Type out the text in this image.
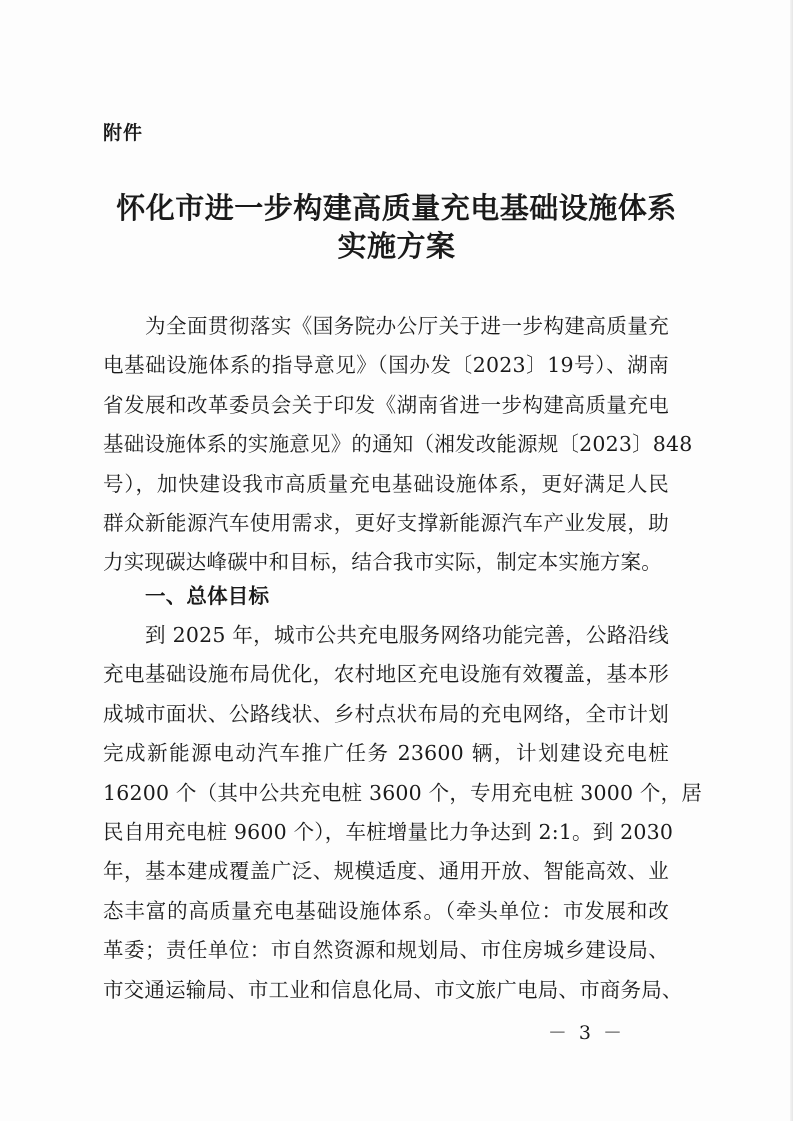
附件
怀化市进一步构建高质量充电基础设施体系
实施方案
为全面贯彻落实《国务院办公厅关于进一步构建高质量充
电基础设施体系的指导意见》（国办发〔2023〕19号）、湖南
省发展和改革委员会关于印发《湖南省进一步构建高质量充电
基础设施体系的实施意见》的通知（湘发改能源规〔2023〕848
号），加快建设我市高质量充电基础设施体系，更好满足人民
群众新能源汽车使用需求，更好支撑新能源汽车产业发展，助
力实现碳达峰碳中和目标，结合我市实际，制定本实施方案。
一、总体目标
到 2025 年，城市公共充电服务网络功能完善，公路沿线
充电基础设施布局优化，农村地区充电设施有效覆盖，基本形
成城市面状、公路线状、乡村点状布局的充电网络，全市计划
完成新能源电动汽车推广任务 23600 辆，计划建设充电桩
16200 个（其中公共充电桩 3600 个，专用充电桩 3000 个，居
民自用充电桩 9600 个），车桩增量比力争达到 2:1。到 2030
年，基本建成覆盖广泛、规模适度、通用开放、智能高效、业
态丰富的高质量充电基础设施体系。（牵头单位：市发展和改
革委；责任单位：市自然资源和规划局、市住房城乡建设局、
市交通运输局、市工业和信息化局、市文旅广电局、市商务局、
－ 3 －
